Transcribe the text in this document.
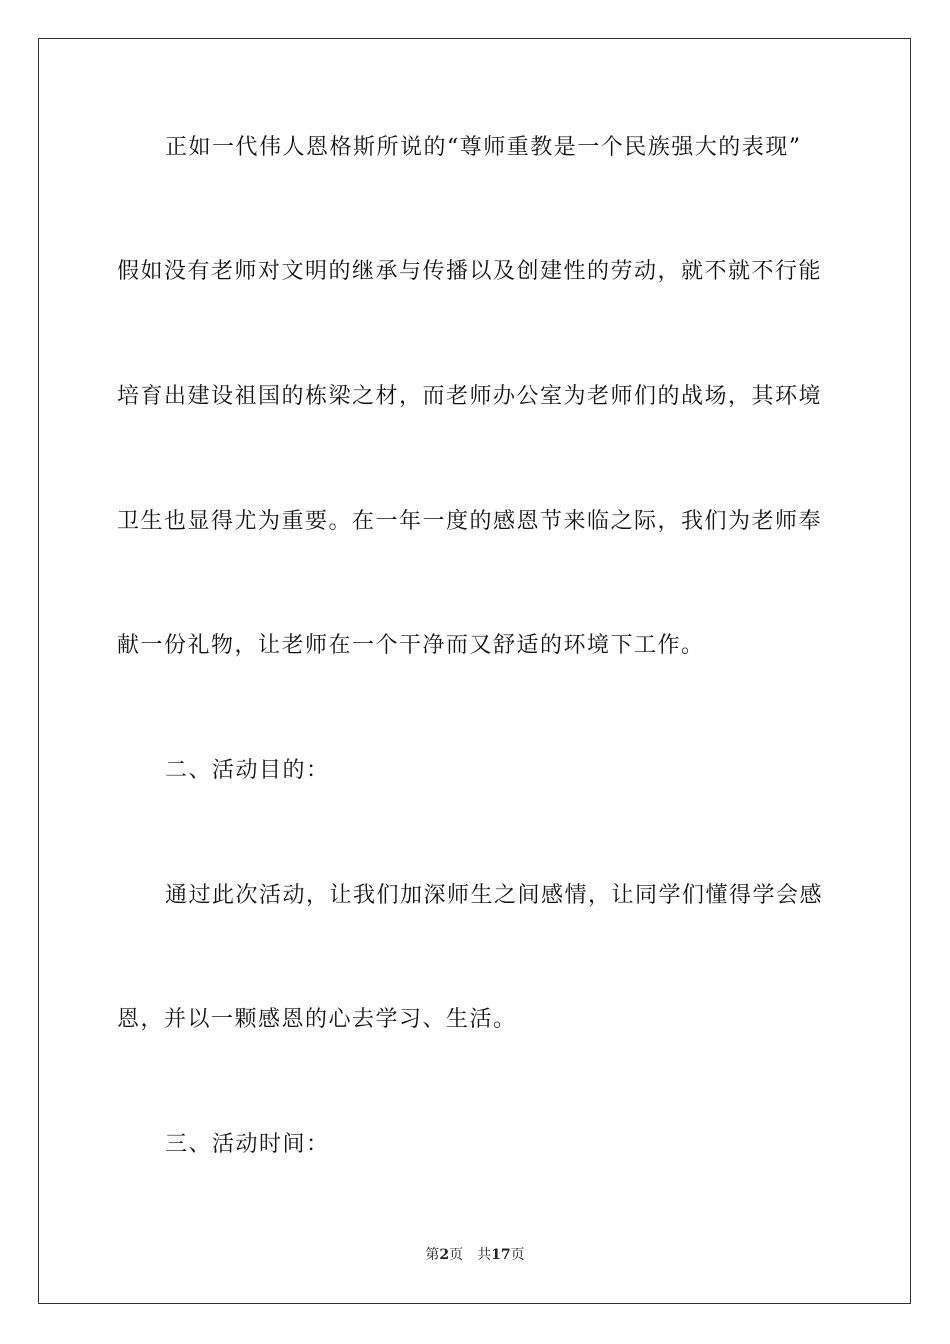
正如一代伟人恩格斯所说的“尊师重教是一个民族强大的表现”
假如没有老师对文明的继承与传播以及创建性的劳动，就不就不行能
培育出建设祖国的栋梁之材，而老师办公室为老师们的战场，其环境
卫生也显得尤为重要。在一年一度的感恩节来临之际，我们为老师奉
献一份礼物，让老师在一个干净而又舒适的环境下工作。
二、活动目的：
通过此次活动，让我们加深师生之间感情，让同学们懂得学会感
恩，并以一颗感恩的心去学习、生活。
三、活动时间：
第2页 共17页
